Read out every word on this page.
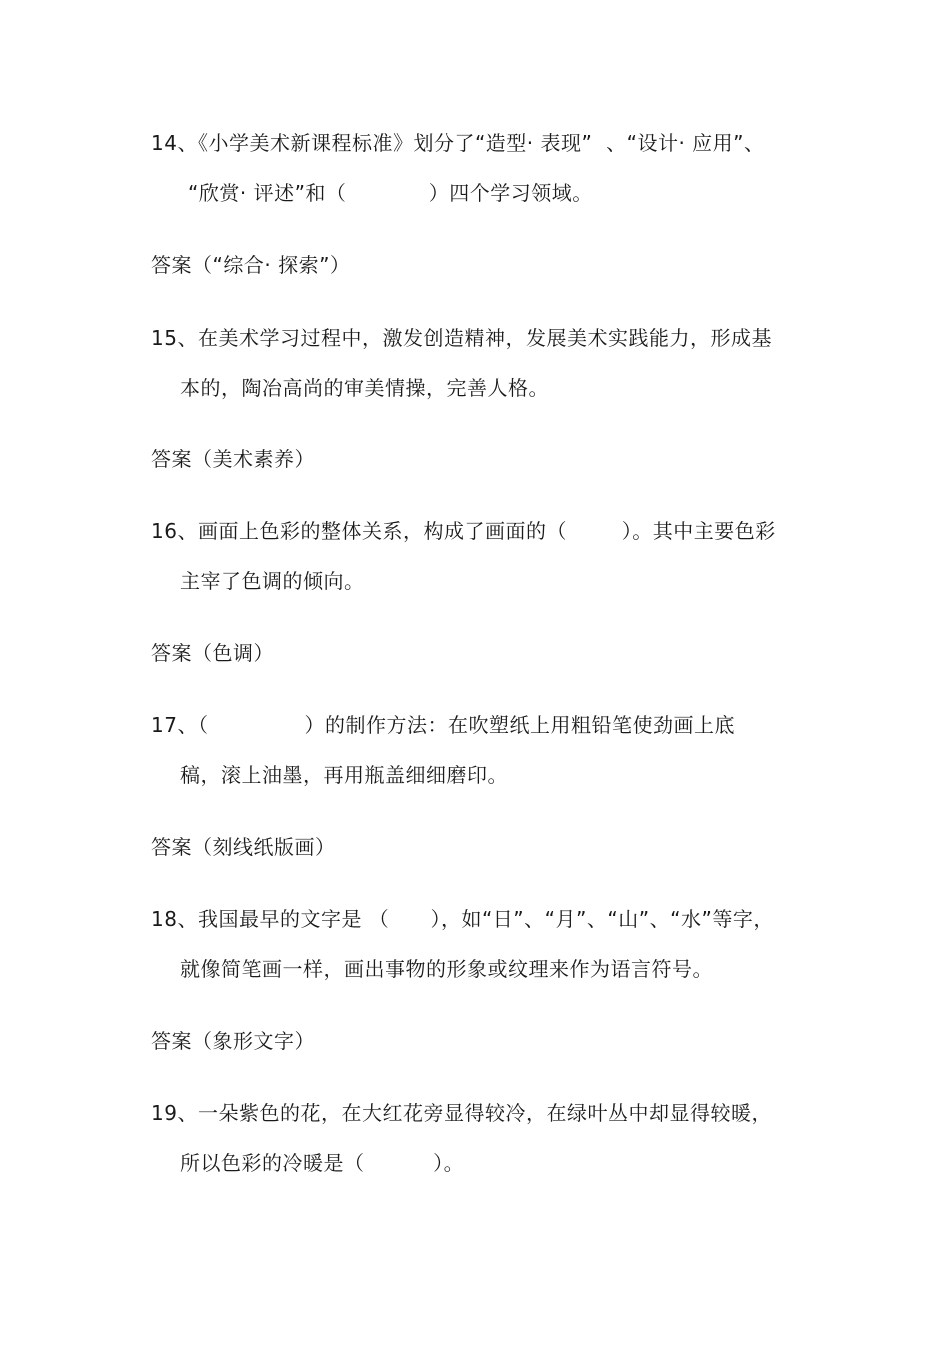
14、《小学美术新课程标准》划分了“造型· 表现”  、“设计· 应用”、
“欣赏· 评述”和（            ）四个学习领域。
答案（“综合· 探索”）
15、在美术学习过程中，激发创造精神，发展美术实践能力，形成基
本的，陶冶高尚的审美情操，完善人格。
答案（美术素养）
16、画面上色彩的整体关系，构成了画面的（        ）。其中主要色彩
主宰了色调的倾向。
答案（色调）
17、（              ）的制作方法：在吹塑纸上用粗铅笔使劲画上底
稿，滚上油墨，再用瓶盖细细磨印。
答案（刻线纸版画）
18、我国最早的文字是 （      ），如“日”、“月”、“山”、“水”等字，
就像简笔画一样，画出事物的形象或纹理来作为语言符号。
答案（象形文字）
19、一朵紫色的花，在大红花旁显得较冷，在绿叶丛中却显得较暖，
所以色彩的冷暖是（          ）。
